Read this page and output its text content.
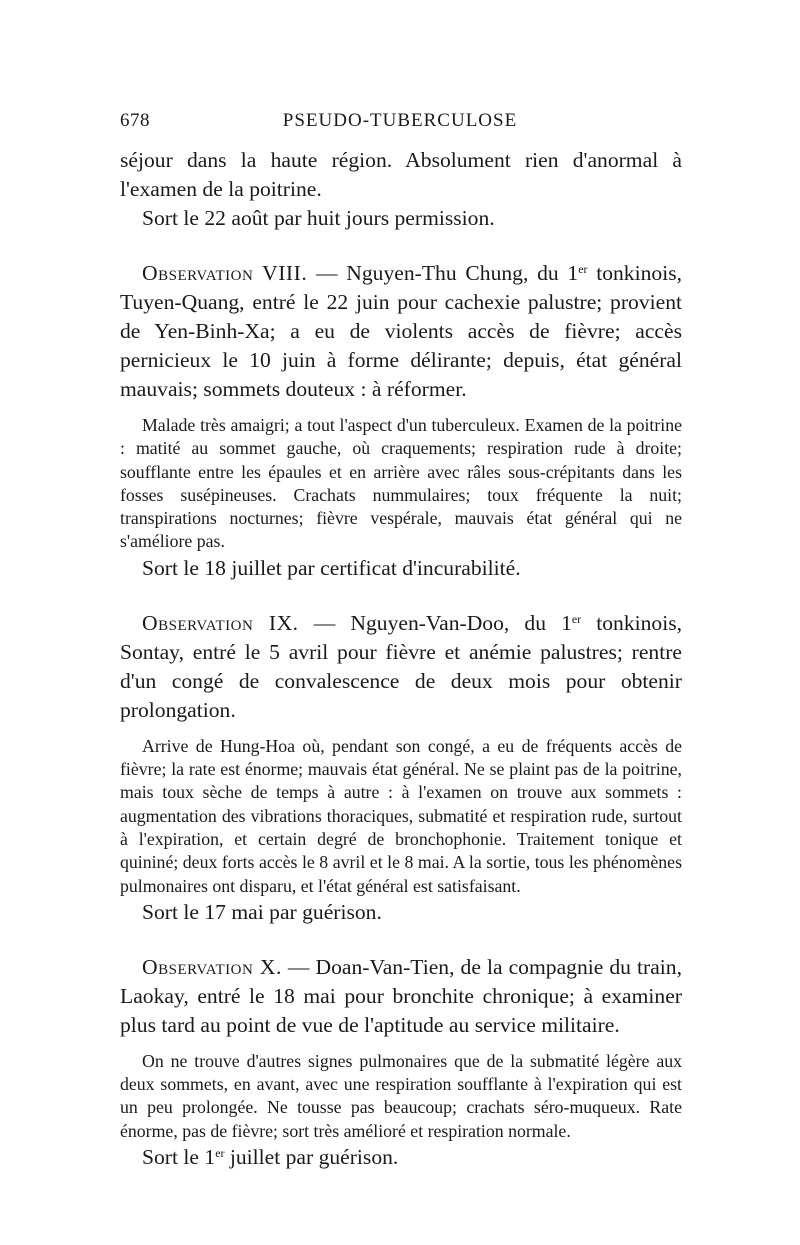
678	PSEUDO-TUBERCULOSE

séjour dans la haute région. Absolument rien d'anormal à l'examen de la poitrine.

Sort le 22 août par huit jours permission.

Observation VIII. — Nguyen-Thu Chung, du 1er tonkinois, Tuyen-Quang, entré le 22 juin pour cachexie palustre; provient de Yen-Binh-Xa; a eu de violents accès de fièvre; accès pernicieux le 10 juin à forme délirante; depuis, état général mauvais; sommets douteux : à réformer.

Malade très amaigri; a tout l'aspect d'un tuberculeux. Examen de la poitrine : matité au sommet gauche, où craquements; respiration rude à droite; soufflante entre les épaules et en arrière avec râles sous-crépitants dans les fosses susépineuses. Crachats nummulaires; toux fréquente la nuit; transpirations nocturnes; fièvre vespérale, mauvais état général qui ne s'améliore pas.

Sort le 18 juillet par certificat d'incurabilité.

Observation IX. — Nguyen-Van-Doo, du 1er tonkinois, Sontay, entré le 5 avril pour fièvre et anémie palustres; rentre d'un congé de convalescence de deux mois pour obtenir prolongation.

Arrive de Hung-Hoa où, pendant son congé, a eu de fréquents accès de fièvre; la rate est énorme; mauvais état général. Ne se plaint pas de la poitrine, mais toux sèche de temps à autre : à l'examen on trouve aux sommets : augmentation des vibrations thoraciques, submatité et respiration rude, surtout à l'expiration, et certain degré de bronchophonie. Traitement tonique et quininé; deux forts accès le 8 avril et le 8 mai. A la sortie, tous les phénomènes pulmonaires ont disparu, et l'état général est satisfaisant.

Sort le 17 mai par guérison.

Observation X. — Doan-Van-Tien, de la compagnie du train, Laokay, entré le 18 mai pour bronchite chronique; à examiner plus tard au point de vue de l'aptitude au service militaire.

On ne trouve d'autres signes pulmonaires que de la submatité légère aux deux sommets, en avant, avec une respiration soufflante à l'expiration qui est un peu prolongée. Ne tousse pas beaucoup; crachats séro-muqueux. Rate énorme, pas de fièvre; sort très amélioré et respiration normale.

Sort le 1er juillet par guérison.
